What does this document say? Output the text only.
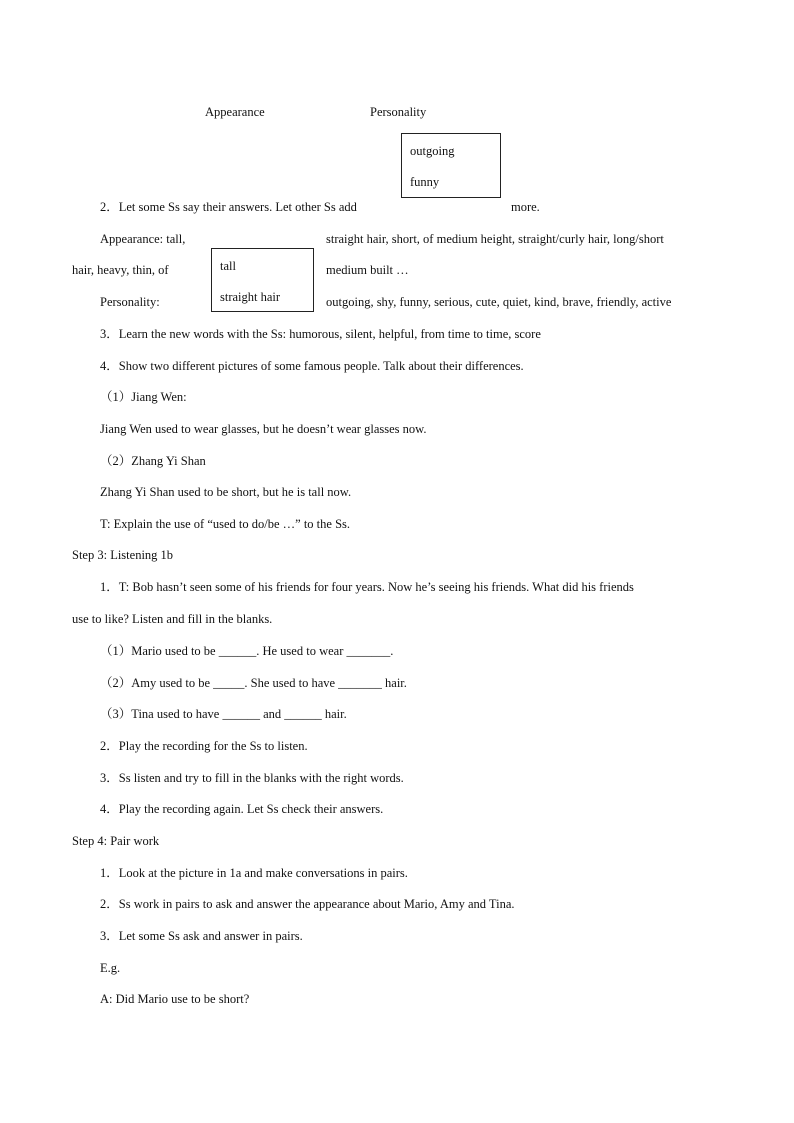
Appearance	Personality
outgoing
funny
2．Let some Ss say their answers. Let other Ss add	more.
Appearance: tall,	straight hair, short, of medium height, straight/curly hair, long/short
hair, heavy, thin, of	medium built …
tall
straight hair
Personality:	outgoing, shy, funny, serious, cute, quiet, kind, brave, friendly, active
3．Learn the new words with the Ss: humorous, silent, helpful, from time to time, score
4．Show two different pictures of some famous people. Talk about their differences.
（1）Jiang Wen:
Jiang Wen used to wear glasses, but he doesn’t wear glasses now.
（2）Zhang Yi Shan
Zhang Yi Shan used to be short, but he is tall now.
T: Explain the use of “used to do/be …” to the Ss.
Step 3: Listening 1b
1．T: Bob hasn’t seen some of his friends for four years. Now he’s seeing his friends. What did his friends
use to like? Listen and fill in the blanks.
（1）Mario used to be ______. He used to wear _______.
（2）Amy used to be _____. She used to have _______ hair.
（3）Tina used to have ______ and ______ hair.
2．Play the recording for the Ss to listen.
3．Ss listen and try to fill in the blanks with the right words.
4．Play the recording again. Let Ss check their answers.
Step 4: Pair work
1．Look at the picture in 1a and make conversations in pairs.
2．Ss work in pairs to ask and answer the appearance about Mario, Amy and Tina.
3．Let some Ss ask and answer in pairs.
E.g.
A: Did Mario use to be short?
